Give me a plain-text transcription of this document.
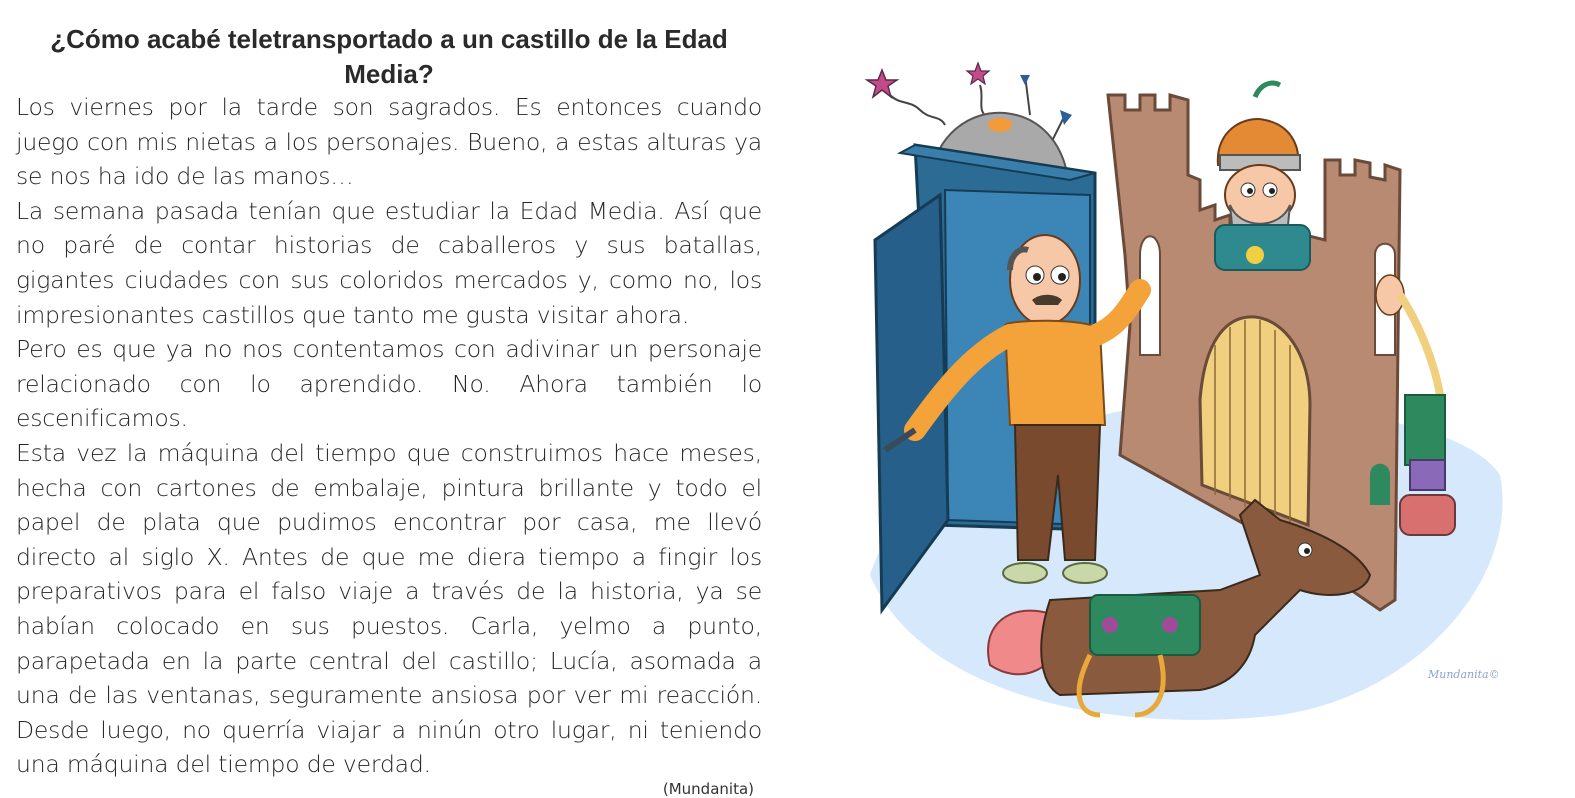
¿Cómo acabé teletransportado a un castillo de la Edad Media?

Los viernes por la tarde son sagrados. Es entonces cuando juego con mis nietas a los personajes. Bueno, a estas alturas ya se nos ha ido de las manos…

La semana pasada tenían que estudiar la Edad Media. Así que no paré de contar historias de caballeros y sus batallas, gigantes ciudades con sus coloridos mercados y, como no, los impresionantes castillos que tanto me gusta visitar ahora.

Pero es que ya no nos contentamos con adivinar un personaje relacionado con lo aprendido. No. Ahora también lo escenificamos.

Esta vez la máquina del tiempo que construimos hace meses, hecha con cartones de embalaje, pintura brillante y todo el papel de plata que pudimos encontrar por casa, me llevó directo al siglo X. Antes de que me diera tiempo a fingir los preparativos para el falso viaje a través de la historia, ya se habían colocado en sus puestos. Carla, yelmo a punto, parapetada en la parte central del castillo; Lucía, asomada a una de las ventanas, seguramente ansiosa por ver mi reacción. Desde luego, no querría viajar a ninún otro lugar, ni teniendo una máquina del tiempo de verdad.

(Mundanita)
Mundanita©
